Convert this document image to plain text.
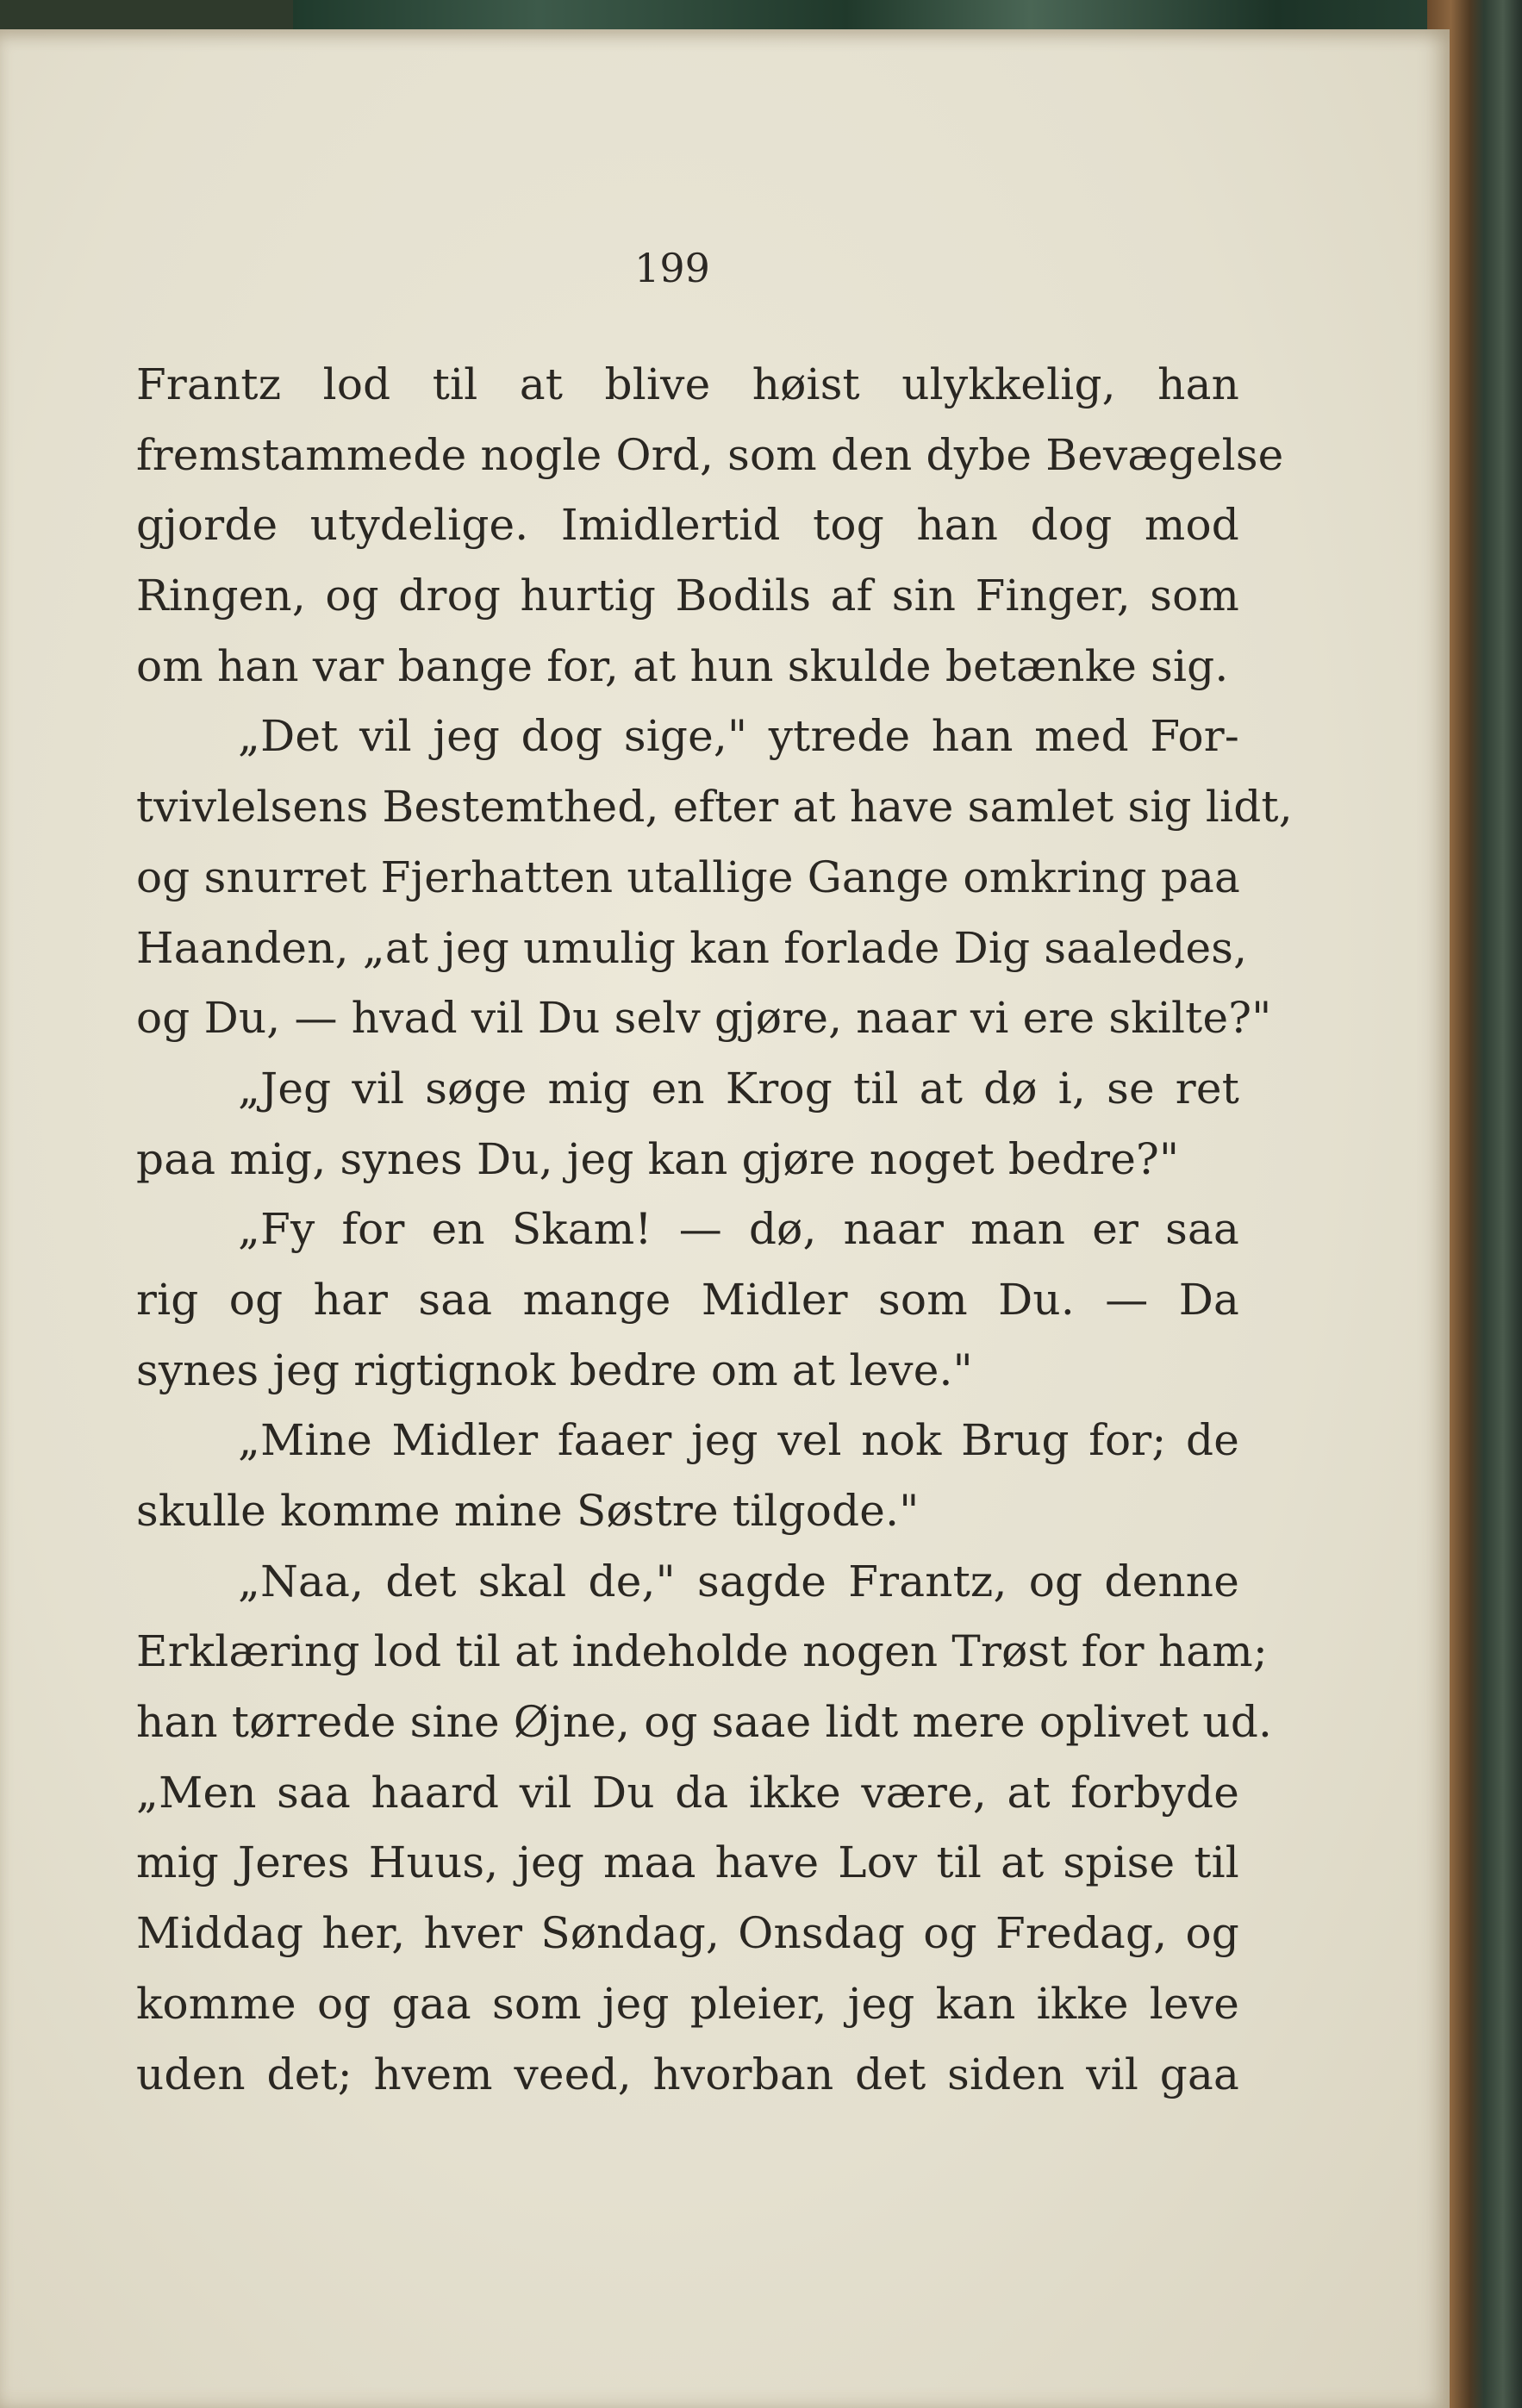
199
Frantz lod til at blive høist ulykkelig, han
fremstammede nogle Ord, som den dybe Bevægelse
gjorde utydelige. Imidlertid tog han dog mod
Ringen, og drog hurtig Bodils af sin Finger, som
om han var bange for, at hun skulde betænke sig.
„Det vil jeg dog sige," ytrede han med For-
tvivlelsens Bestemthed, efter at have samlet sig lidt,
og snurret Fjerhatten utallige Gange omkring paa
Haanden, „at jeg umulig kan forlade Dig saaledes,
og Du, — hvad vil Du selv gjøre, naar vi ere skilte?"
„Jeg vil søge mig en Krog til at dø i, se ret
paa mig, synes Du, jeg kan gjøre noget bedre?"
„Fy for en Skam! — dø, naar man er saa
rig og har saa mange Midler som Du. — Da
synes jeg rigtignok bedre om at leve."
„Mine Midler faaer jeg vel nok Brug for; de
skulle komme mine Søstre tilgode."
„Naa, det skal de," sagde Frantz, og denne
Erklæring lod til at indeholde nogen Trøst for ham;
han tørrede sine Øjne, og saae lidt mere oplivet ud.
„Men saa haard vil Du da ikke være, at forbyde
mig Jeres Huus, jeg maa have Lov til at spise til
Middag her, hver Søndag, Onsdag og Fredag, og
komme og gaa som jeg pleier, jeg kan ikke leve
uden det; hvem veed, hvorban det siden vil gaa
